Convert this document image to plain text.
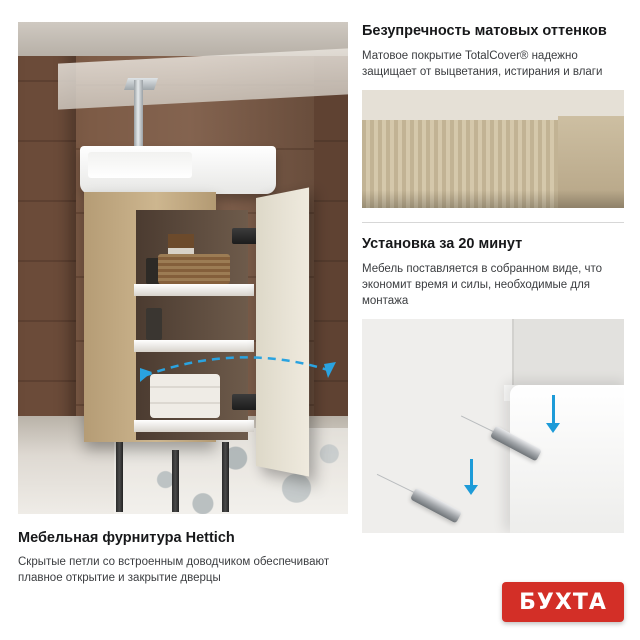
Мебельная фурнитура Hettich

Скрытые петли со встроенным доводчиком обеспечивают плавное открытие и закрытие дверцы

Безупречность матовых оттенков

Матовое покрытие TotalCover® надежно защищает от выцветания, истирания и влаги

Установка за 20 минут

Мебель поставляется в собранном виде, что экономит время и силы, необходимые для монтажа

БУХТА
